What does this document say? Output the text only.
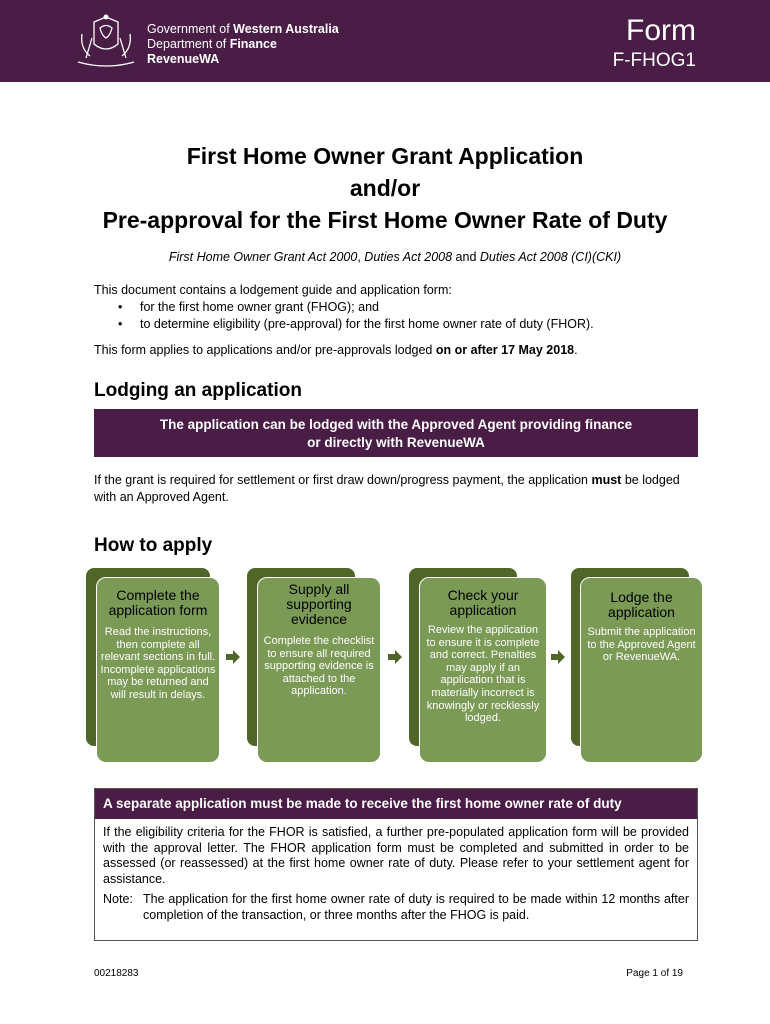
Government of Western Australia
Department of Finance
RevenueWA
Form
F-FHOG1
First Home Owner Grant Application
and/or
Pre-approval for the First Home Owner Rate of Duty
First Home Owner Grant Act 2000, Duties Act 2008 and Duties Act 2008 (CI)(CKI)
This document contains a lodgement guide and application form:
• for the first home owner grant (FHOG); and
• to determine eligibility (pre-approval) for the first home owner rate of duty (FHOR).
This form applies to applications and/or pre-approvals lodged on or after 17 May 2018.
Lodging an application
The application can be lodged with the Approved Agent providing finance
or directly with RevenueWA
If the grant is required for settlement or first draw down/progress payment, the application must be lodged with an Approved Agent.
How to apply
Complete the application form
Read the instructions, then complete all relevant sections in full. Incomplete applications may be returned and will result in delays.
Supply all supporting evidence
Complete the checklist to ensure all required supporting evidence is attached to the application.
Check your application
Review the application to ensure it is complete and correct. Penalties may apply if an application that is materially incorrect is knowingly or recklessly lodged.
Lodge the application
Submit the application to the Approved Agent or RevenueWA.
A separate application must be made to receive the first home owner rate of duty
If the eligibility criteria for the FHOR is satisfied, a further pre-populated application form will be provided with the approval letter. The FHOR application form must be completed and submitted in order to be assessed (or reassessed) at the first home owner rate of duty. Please refer to your settlement agent for assistance.
Note: The application for the first home owner rate of duty is required to be made within 12 months after completion of the transaction, or three months after the FHOG is paid.
00218283	Page 1 of 19
